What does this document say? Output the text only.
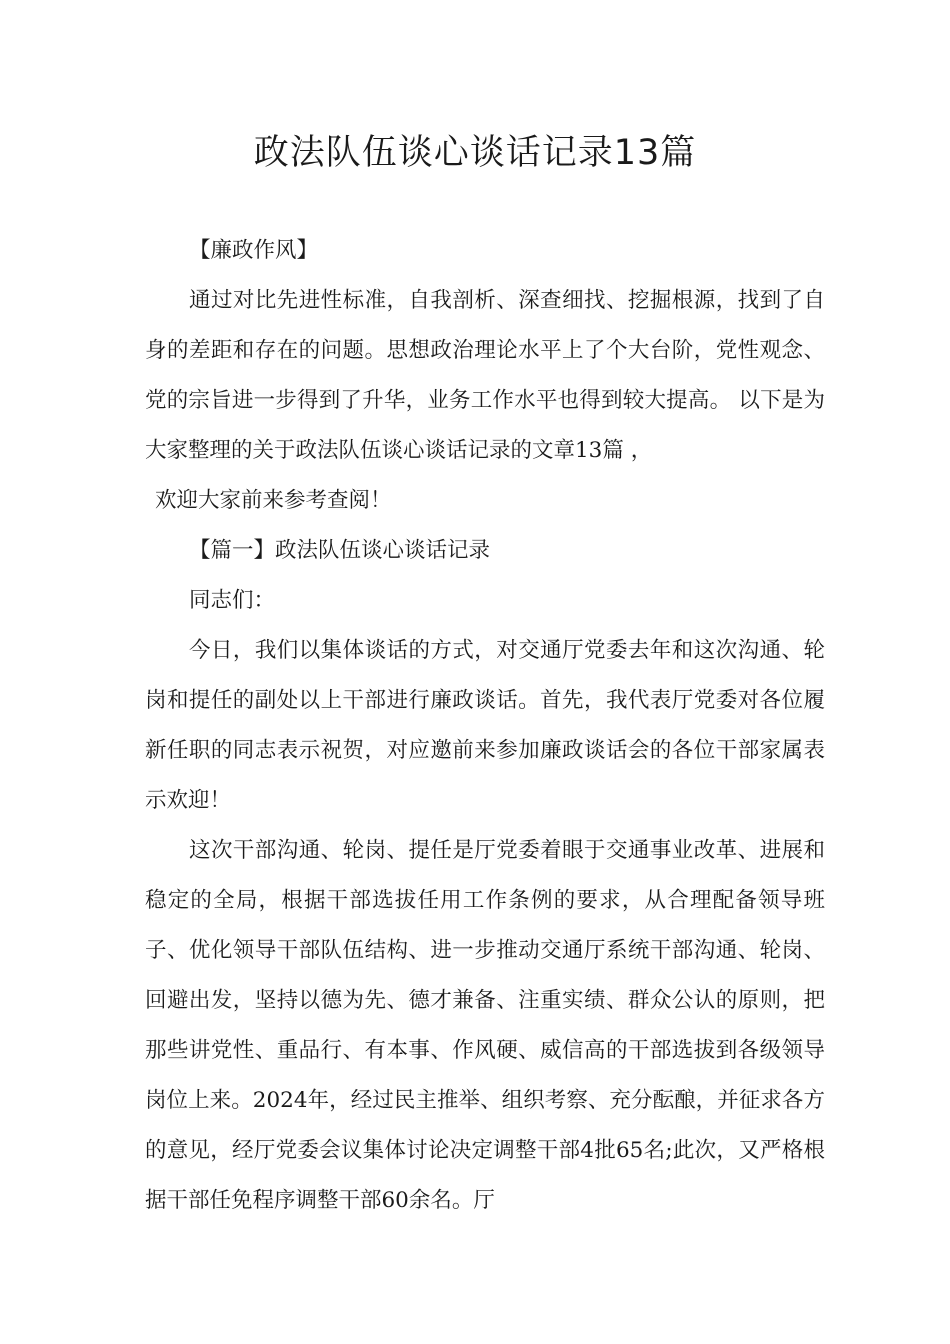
政法队伍谈心谈话记录13篇

【廉政作风】

通过对比先进性标准，自我剖析、深查细找、挖掘根源，找到了自身的差距和存在的问题。思想政治理论水平上了个大台阶，党性观念、党的宗旨进一步得到了升华，业务工作水平也得到较大提高。 以下是为大家整理的关于政法队伍谈心谈话记录的文章13篇 ，

欢迎大家前来参考查阅！

【篇一】政法队伍谈心谈话记录

同志们：

今日，我们以集体谈话的方式，对交通厅党委去年和这次沟通、轮岗和提任的副处以上干部进行廉政谈话。首先，我代表厅党委对各位履新任职的同志表示祝贺，对应邀前来参加廉政谈话会的各位干部家属表示欢迎！

这次干部沟通、轮岗、提任是厅党委着眼于交通事业改革、进展和稳定的全局，根据干部选拔任用工作条例的要求，从合理配备领导班子、优化领导干部队伍结构、进一步推动交通厅系统干部沟通、轮岗、回避出发，坚持以德为先、德才兼备、注重实绩、群众公认的原则，把那些讲党性、重品行、有本事、作风硬、威信高的干部选拔到各级领导岗位上来。2024年，经过民主推举、组织考察、充分酝酿，并征求各方的意见，经厅党委会议集体讨论决定调整干部4批65名;此次，又严格根据干部任免程序调整干部60余名。厅
